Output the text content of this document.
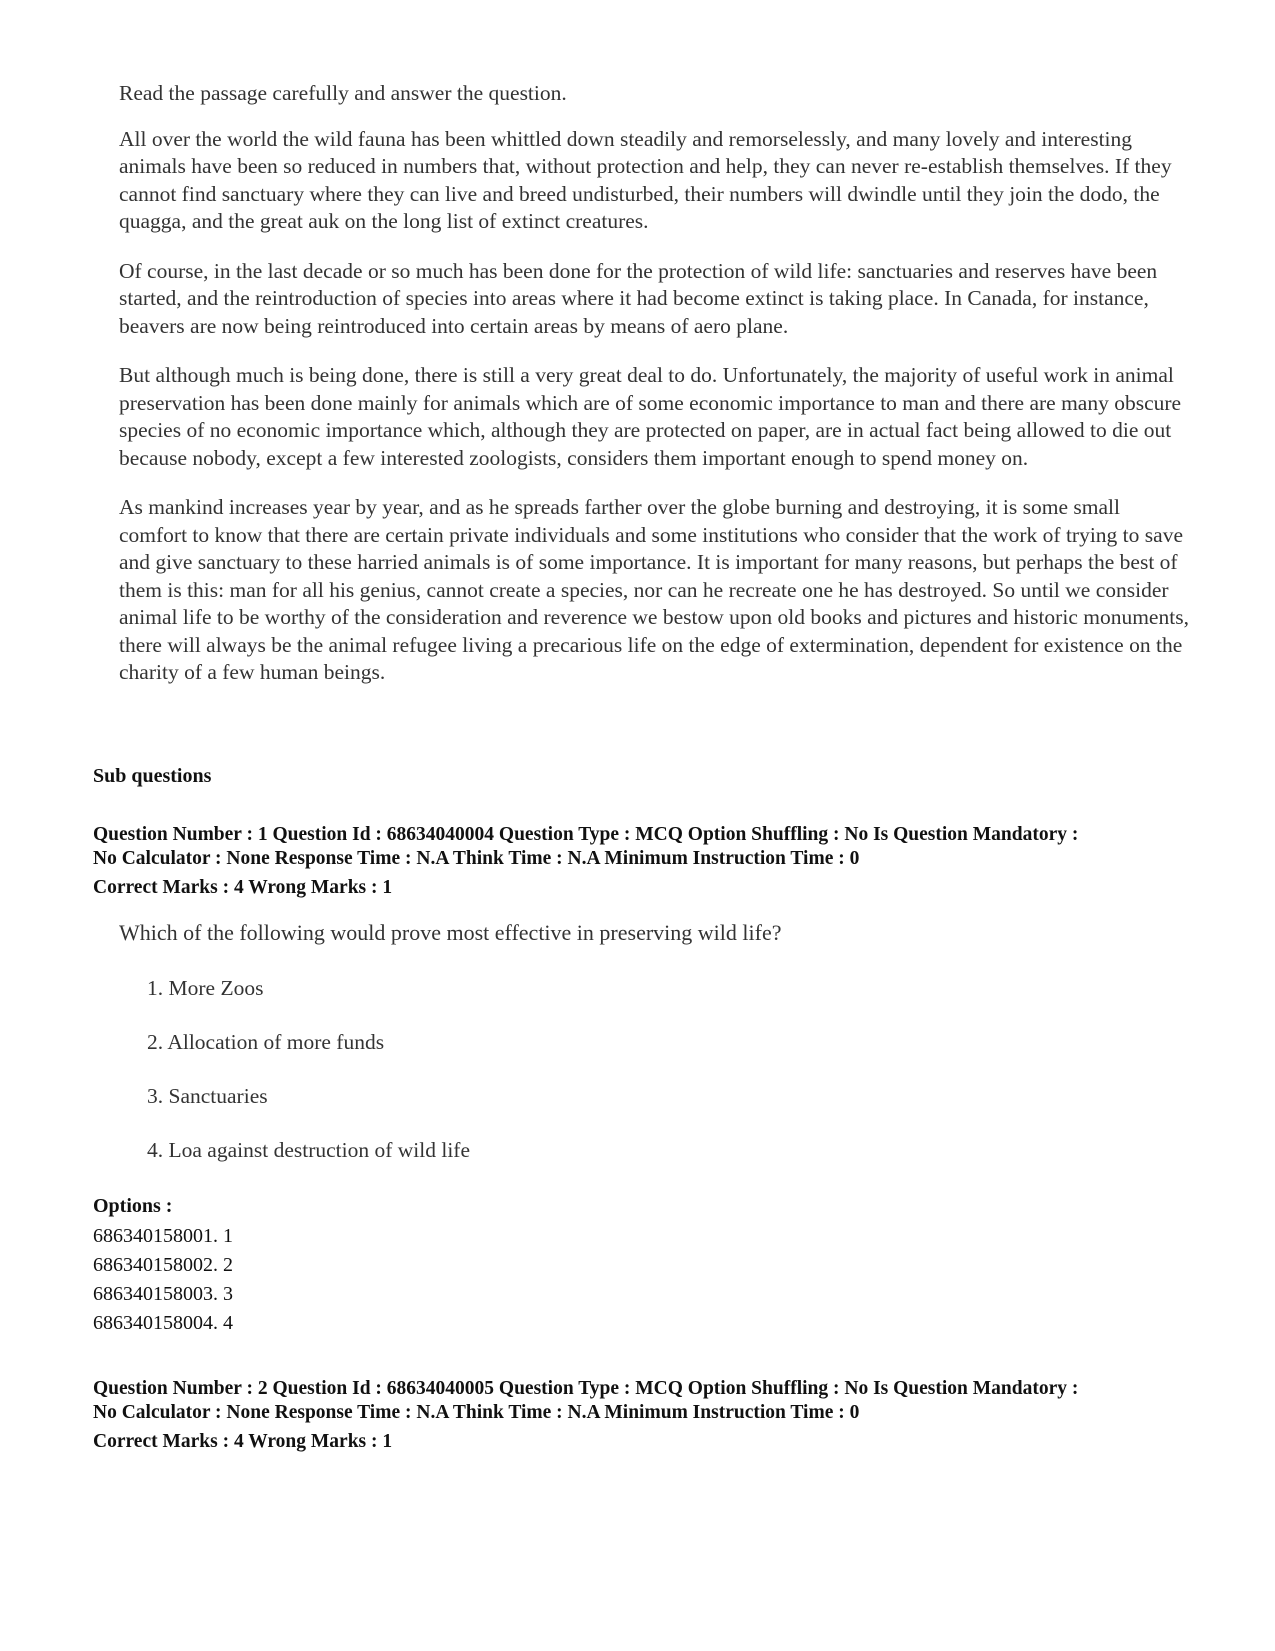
Read the passage carefully and answer the question.

All over the world the wild fauna has been whittled down steadily and remorselessly, and many lovely and interesting animals have been so reduced in numbers that, without protection and help, they can never re-establish themselves. If they cannot find sanctuary where they can live and breed undisturbed, their numbers will dwindle until they join the dodo, the quagga, and the great auk on the long list of extinct creatures.

Of course, in the last decade or so much has been done for the protection of wild life: sanctuaries and reserves have been started, and the reintroduction of species into areas where it had become extinct is taking place. In Canada, for instance, beavers are now being reintroduced into certain areas by means of aero plane.

But although much is being done, there is still a very great deal to do. Unfortunately, the majority of useful work in animal preservation has been done mainly for animals which are of some economic importance to man and there are many obscure species of no economic importance which, although they are protected on paper, are in actual fact being allowed to die out because nobody, except a few interested zoologists, considers them important enough to spend money on.

As mankind increases year by year, and as he spreads farther over the globe burning and destroying, it is some small comfort to know that there are certain private individuals and some institutions who consider that the work of trying to save and give sanctuary to these harried animals is of some importance. It is important for many reasons, but perhaps the best of them is this: man for all his genius, cannot create a species, nor can he recreate one he has destroyed. So until we consider animal life to be worthy of the consideration and reverence we bestow upon old books and pictures and historic monuments, there will always be the animal refugee living a precarious life on the edge of extermination, dependent for existence on the charity of a few human beings.

Sub questions

Question Number : 1 Question Id : 68634040004 Question Type : MCQ Option Shuffling : No Is Question Mandatory :

No Calculator : None Response Time : N.A Think Time : N.A Minimum Instruction Time : 0

Correct Marks : 4 Wrong Marks : 1

Which of the following would prove most effective in preserving wild life?

1. More Zoos
2. Allocation of more funds
3. Sanctuaries
4. Loa against destruction of wild life

Options :

686340158001. 1
686340158002. 2
686340158003. 3
686340158004. 4

Question Number : 2 Question Id : 68634040005 Question Type : MCQ Option Shuffling : No Is Question Mandatory :

No Calculator : None Response Time : N.A Think Time : N.A Minimum Instruction Time : 0

Correct Marks : 4 Wrong Marks : 1
